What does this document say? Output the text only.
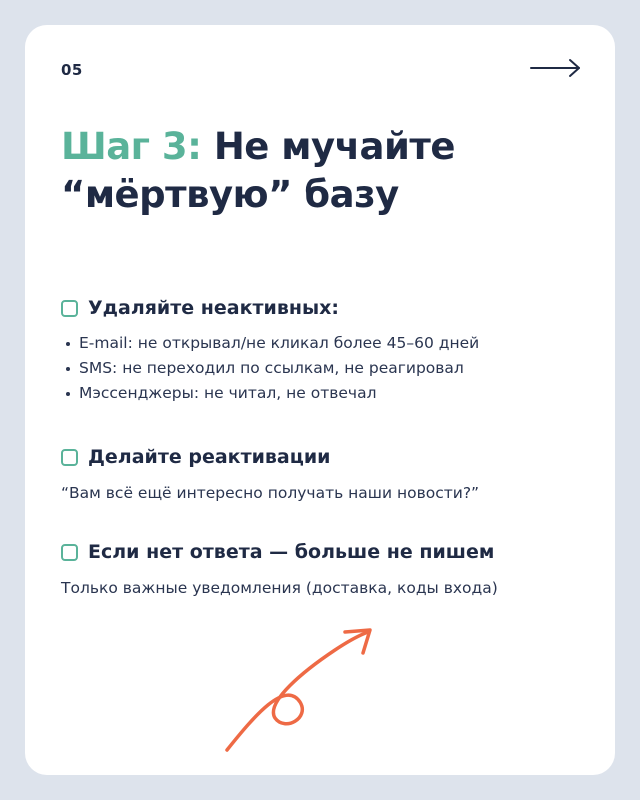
05
Шаг 3: Не мучайте
“мёртвую” базу
Удаляйте неактивных:
E-mail: не открывал/не кликал более 45–60 дней
SMS: не переходил по ссылкам, не реагировал
Мэссенджеры: не читал, не отвечал
Делайте реактивации
“Вам всё ещё интересно получать наши новости?”
Если нет ответа — больше не пишем
Только важные уведомления (доставка, коды входа)
